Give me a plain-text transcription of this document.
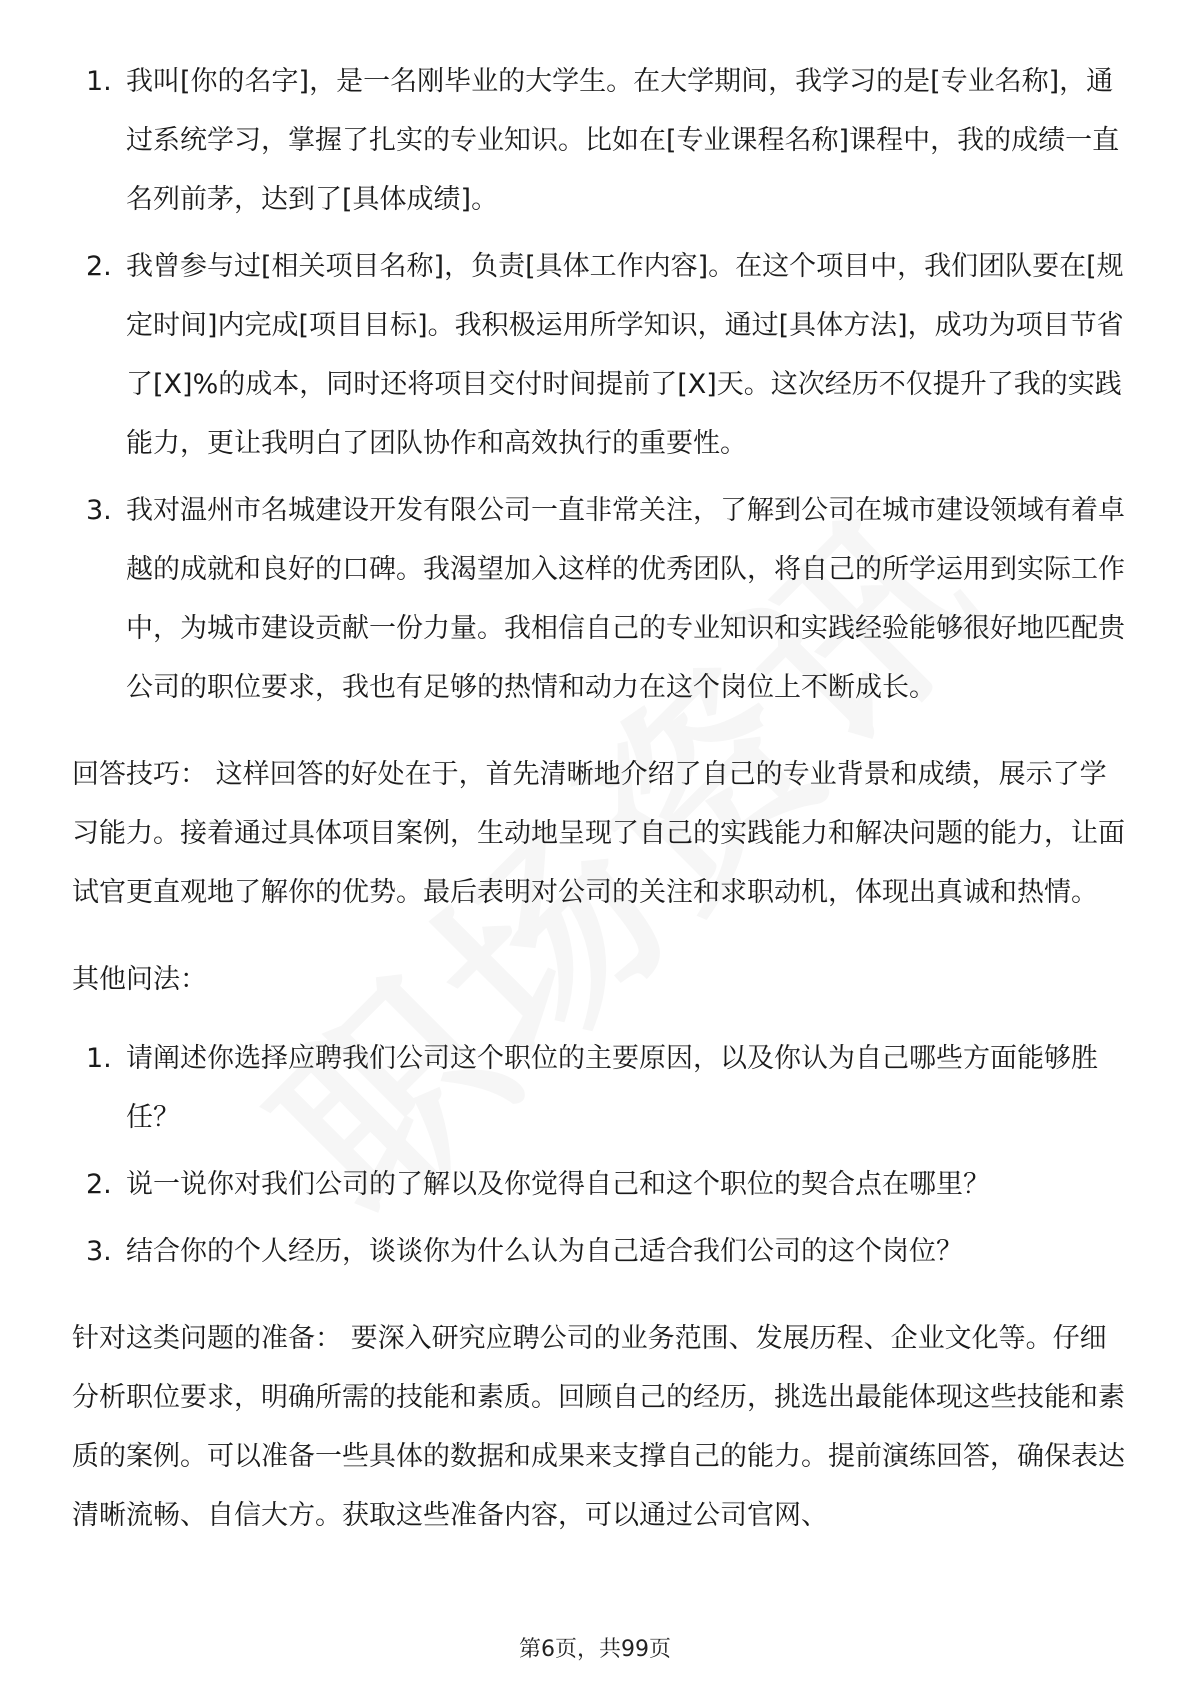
1. 我叫[你的名字]，是一名刚毕业的大学生。在大学期间，我学习的是[专业名称]，通过系统学习，掌握了扎实的专业知识。比如在[专业课程名称]课程中，我的成绩一直名列前茅，达到了[具体成绩]。
2. 我曾参与过[相关项目名称]，负责[具体工作内容]。在这个项目中，我们团队要在[规定时间]内完成[项目目标]。我积极运用所学知识，通过[具体方法]，成功为项目节省了[X]%的成本，同时还将项目交付时间提前了[X]天。这次经历不仅提升了我的实践能力，更让我明白了团队协作和高效执行的重要性。
3. 我对温州市名城建设开发有限公司一直非常关注，了解到公司在城市建设领域有着卓越的成就和良好的口碑。我渴望加入这样的优秀团队，将自己的所学运用到实际工作中，为城市建设贡献一份力量。我相信自己的专业知识和实践经验能够很好地匹配贵公司的职位要求，我也有足够的热情和动力在这个岗位上不断成长。

回答技巧： 这样回答的好处在于，首先清晰地介绍了自己的专业背景和成绩，展示了学习能力。接着通过具体项目案例，生动地呈现了自己的实践能力和解决问题的能力，让面试官更直观地了解你的优势。最后表明对公司的关注和求职动机，体现出真诚和热情。

其他问法：

1. 请阐述你选择应聘我们公司这个职位的主要原因，以及你认为自己哪些方面能够胜任？
2. 说一说你对我们公司的了解以及你觉得自己和这个职位的契合点在哪里？
3. 结合你的个人经历，谈谈你为什么认为自己适合我们公司的这个岗位？

针对这类问题的准备： 要深入研究应聘公司的业务范围、发展历程、企业文化等。仔细分析职位要求，明确所需的技能和素质。回顾自己的经历，挑选出最能体现这些技能和素质的案例。可以准备一些具体的数据和成果来支撑自己的能力。提前演练回答，确保表达清晰流畅、自信大方。获取这些准备内容，可以通过公司官网、

第6页，共99页
